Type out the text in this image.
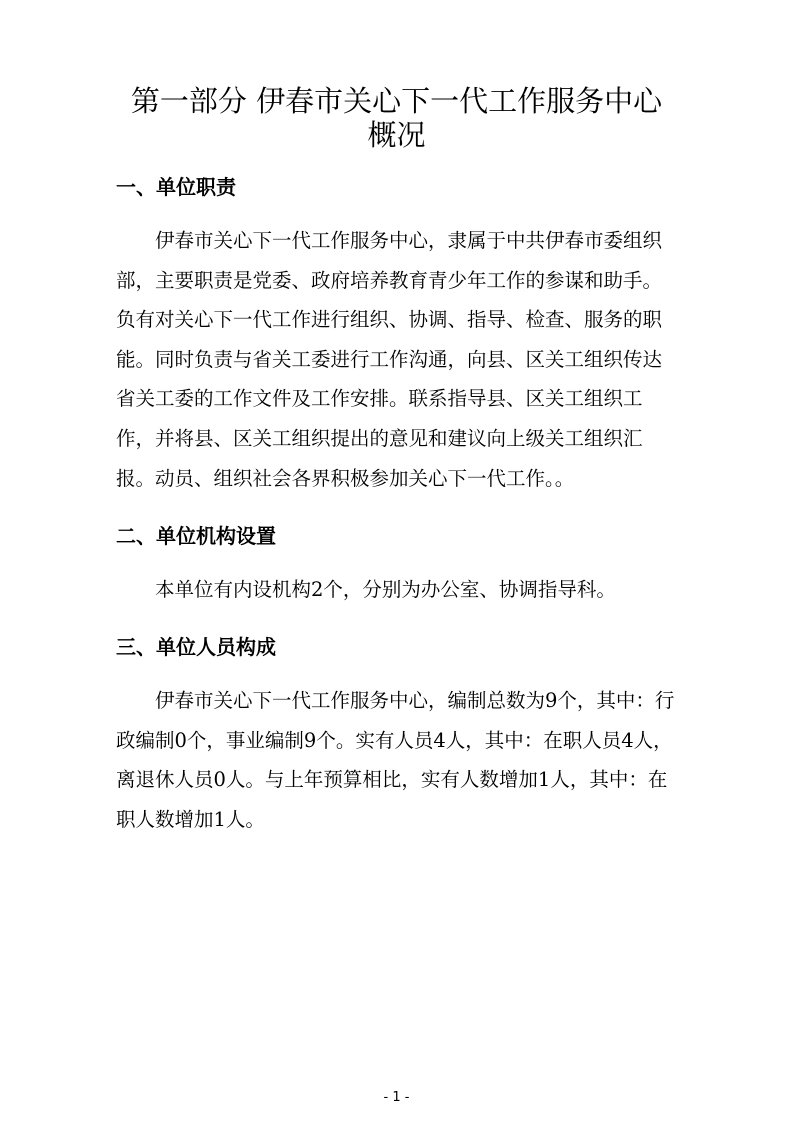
第一部分 伊春市关心下一代工作服务中心
概况
一、单位职责

　　伊春市关心下一代工作服务中心，隶属于中共伊春市委组织
部，主要职责是党委、政府培养教育青少年工作的参谋和助手。
负有对关心下一代工作进行组织、协调、指导、检查、服务的职
能。同时负责与省关工委进行工作沟通，向县、区关工组织传达
省关工委的工作文件及工作安排。联系指导县、区关工组织工
作，并将县、区关工组织提出的意见和建议向上级关工组织汇
报。动员、组织社会各界积极参加关心下一代工作。。

二、单位机构设置

　　本单位有内设机构2个，分别为办公室、协调指导科。

三、单位人员构成

　　伊春市关心下一代工作服务中心，编制总数为9个，其中：行
政编制0个，事业编制9个。实有人员4人，其中：在职人员4人，
离退休人员0人。与上年预算相比，实有人数增加1人，其中：在
职人数增加1人。

- 1 -
